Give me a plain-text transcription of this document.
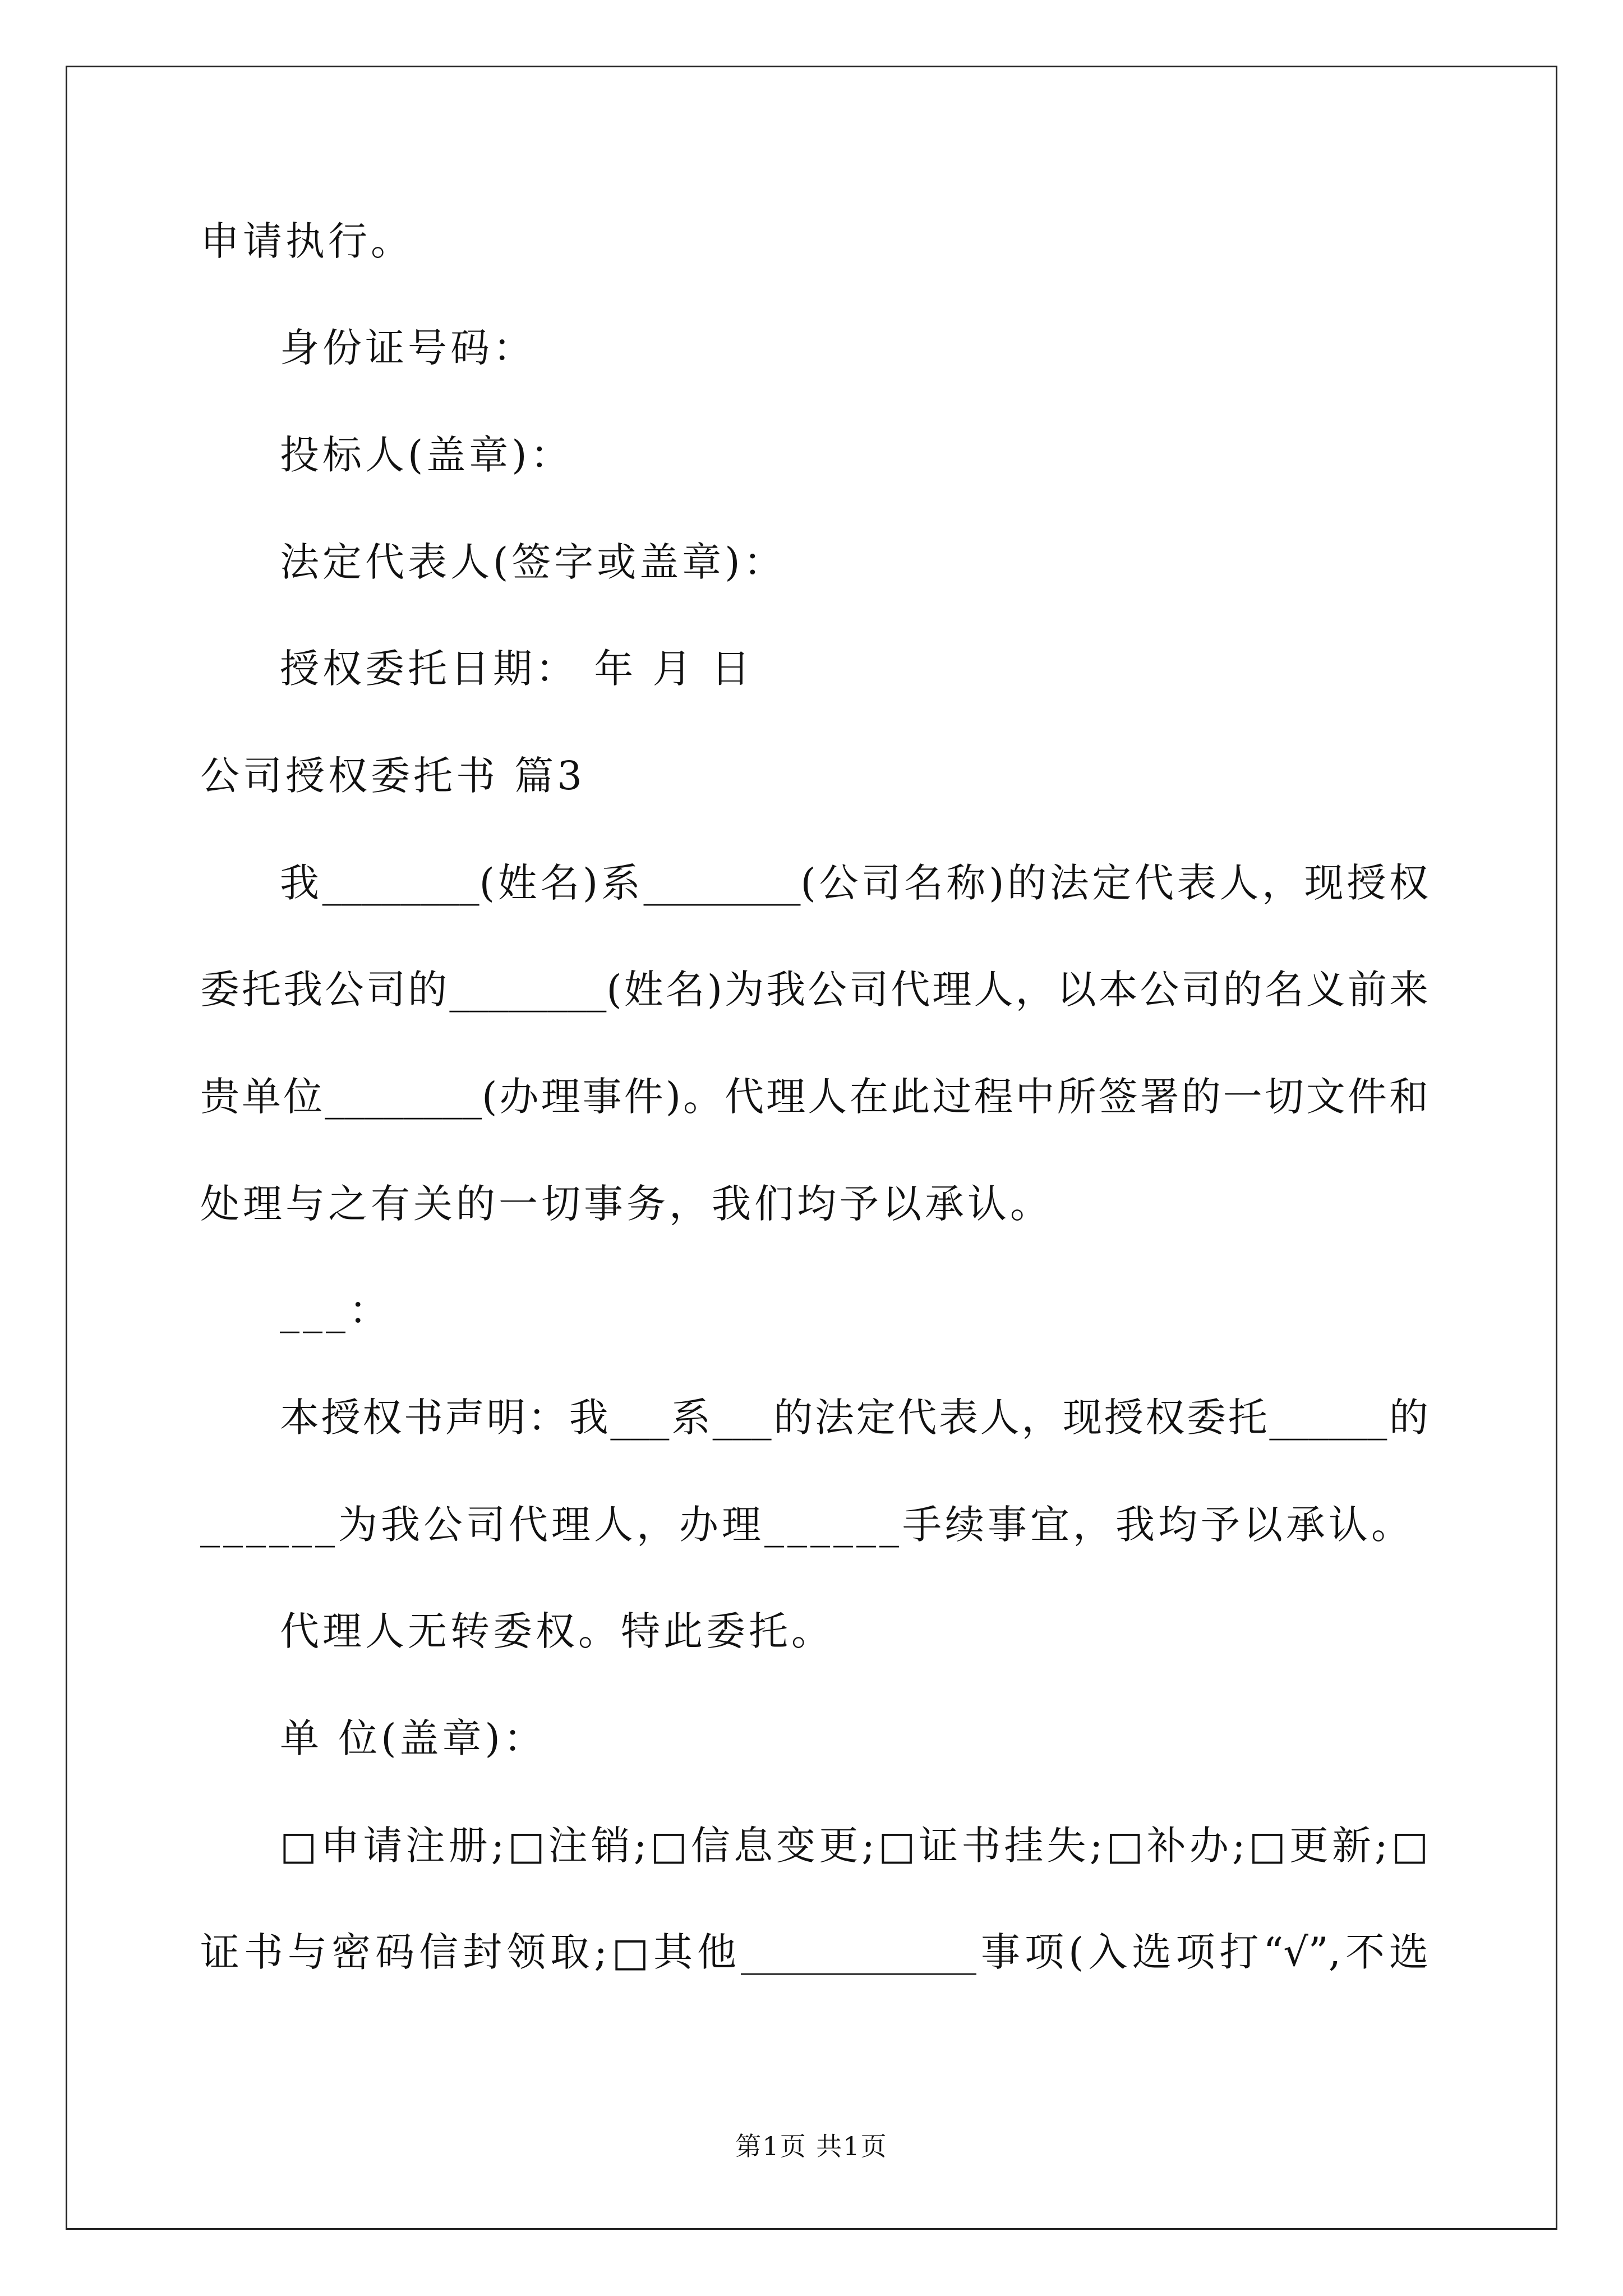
申请执行。
身份证号码：
投标人(盖章)：
法定代表人(签字或盖章)：
授权委托日期： 年 月 日
公司授权委托书 篇3
我________(姓名)系________(公司名称)的法定代表人，现授权
委托我公司的________(姓名)为我公司代理人，以本公司的名义前来
贵单位________(办理事件)。代理人在此过程中所签署的一切文件和
处理与之有关的一切事务，我们均予以承认。
___：
本授权书声明：我___系___的法定代表人，现授权委托______的
______为我公司代理人，办理______手续事宜，我均予以承认。
代理人无转委权。特此委托。
单 位(盖章)：
□申请注册;□注销;□信息变更;□证书挂失;□补办;□更新;□
证书与密码信封领取;□其他____________事项(入选项打“√”,不选
第1页 共1页
